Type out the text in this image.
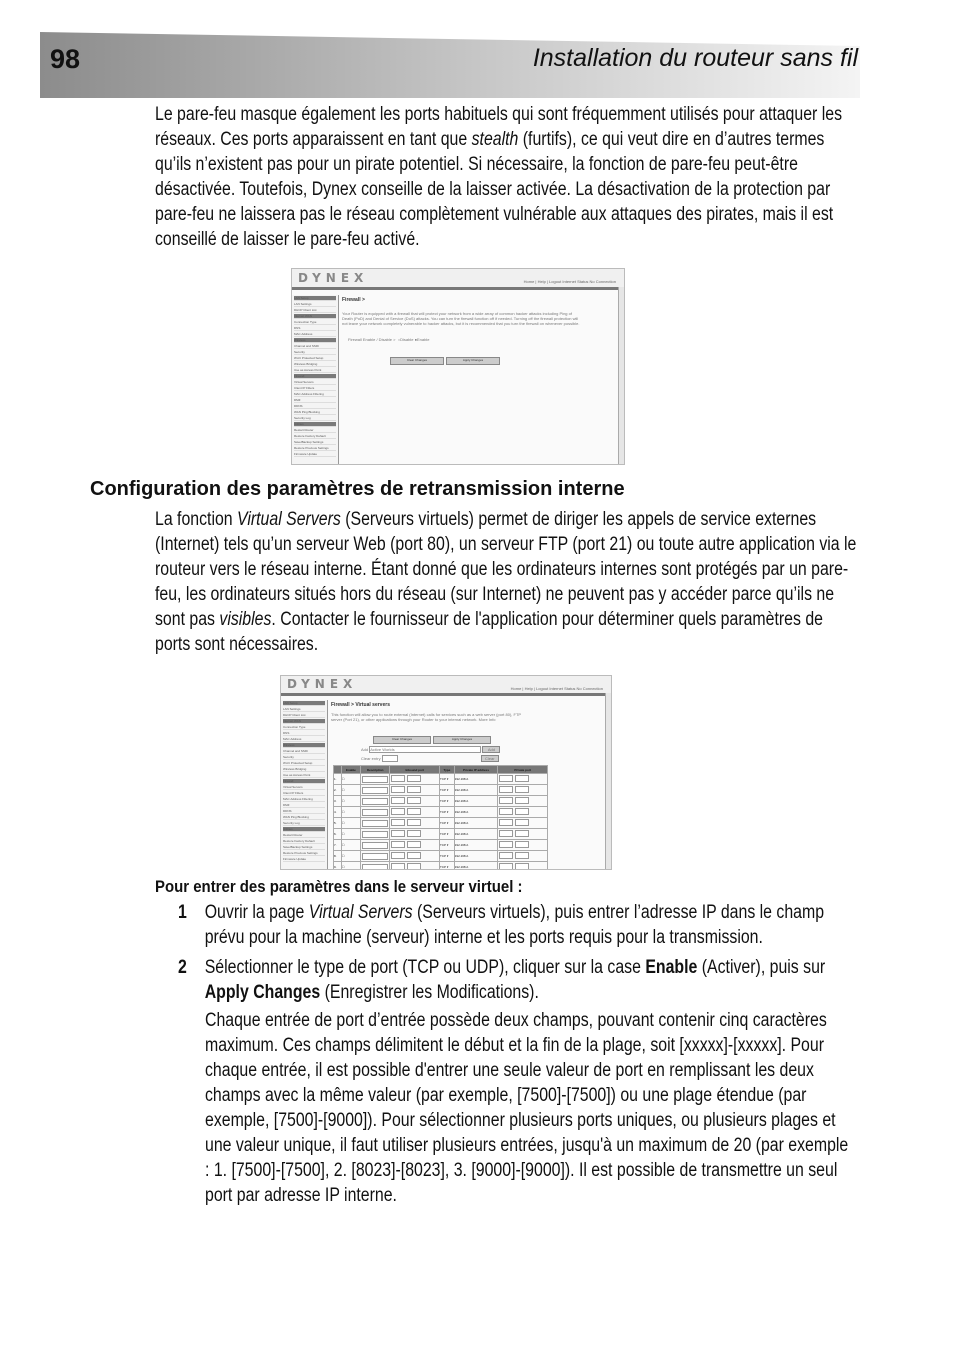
98	Installation du routeur sans fil
Le pare-feu masque également les ports habituels qui sont fréquemment utilisés pour attaquer les réseaux. Ces ports apparaissent en tant que stealth (furtifs), ce qui veut dire en d’autres termes qu’ils n’existent pas pour un pirate potentiel. Si nécessaire, la fonction de pare-feu peut-être désactivée. Toutefois, Dynex conseille de la laisser activée. La désactivation de la protection par pare-feu ne laissera pas le réseau complètement vulnérable aux attaques des pirates, mais il est conseillé de laisser le pare-feu activé.
DYNEX	Home | Help | Logout Internet Status No Connection
LAN Setup
LAN Settings
DHCP Client List
Internet WAN
Connection Type
DNS
MAC Address
Wireless
Channel and SSID
Security
Wi-Fi Protected Setup
Wireless Bridging
Use as Access Point
Firewall
Virtual Servers
Client IP Filters
MAC Address Filtering
DMZ
DDNS
WAN Ping Blocking
Security Log
Utilities
Restart Router
Restore Factory Default
Save/Backup Settings
Restore Previous Settings
Firmware Update
Firewall >
Your Router is equipped with a firewall that will protect your network from a wide array of common hacker attacks including Ping of Death (PoD) and Denial of Service (DoS) attacks. You can turn the firewall function off if needed. Turning off the firewall protection will not leave your network completely vulnerable to hacker attacks, but it is recommended that you turn the firewall on whenever possible.
Firewall Enable / Disable > ○Disable ●Enable
Clear Changes	Apply Changes
Configuration des paramètres de retransmission interne
La fonction Virtual Servers (Serveurs virtuels) permet de diriger les appels de service externes (Internet) tels qu’un serveur Web (port 80), un serveur FTP (port 21) ou toute autre application via le routeur vers le réseau interne. Étant donné que les ordinateurs internes sont protégés par un pare-feu, les ordinateurs situés hors du réseau (sur Internet) ne peuvent pas y accéder parce qu’ils ne sont pas visibles. Contacter le fournisseur de l'application pour déterminer quels paramètres de ports sont nécessaires.
DYNEX	Home | Help | Logout Internet Status No Connection
LAN Setup
LAN Settings
DHCP Client List
Internet WAN
Connection Type
DNS
MAC Address
Wireless
Channel and SSID
Security
Wi-Fi Protected Setup
Wireless Bridging
Use as Access Point
Firewall
Virtual Servers
Client IP Filters
MAC Address Filtering
DMZ
DDNS
WAN Ping Blocking
Security Log
Utilities
Restart Router
Restore Factory Default
Save/Backup Settings
Restore Previous Settings
Firmware Update
Firewall > Virtual servers
This function will allow you to route external (Internet) calls for services such as a web server (port 80), FTP server (Port 21), or other applications through your Router to your internal network. More Info
Clear Changes	Apply Changes
Add Active Worlds	Add
Clear entry	Clear
	Enable	Description	Inbound port	Type	Private IP address	Private port
1.	☐			TCP ▾	192.168.2.	
2.	☐			TCP ▾	192.168.2.	
3.	☐			TCP ▾	192.168.2.	
4.	☐			TCP ▾	192.168.2.	
5.	☐			TCP ▾	192.168.2.	
6.	☐			TCP ▾	192.168.2.	
7.	☐			TCP ▾	192.168.2.	
8.	☐			TCP ▾	192.168.2.	
9.	☐			TCP ▾	192.168.2.	

Pour entrer des paramètres dans le serveur virtuel :
1 Ouvrir la page Virtual Servers (Serveurs virtuels), puis entrer l’adresse IP dans le champ prévu pour la machine (serveur) interne et les ports requis pour la transmission.
2 Sélectionner le type de port (TCP ou UDP), cliquer sur la case Enable (Activer), puis sur Apply Changes (Enregistrer les Modifications).
Chaque entrée de port d’entrée possède deux champs, pouvant contenir cinq caractères maximum. Ces champs délimitent le début et la fin de la plage, soit [xxxxx]-[xxxxx]. Pour chaque entrée, il est possible d'entrer une seule valeur de port en remplissant les deux champs avec la même valeur (par exemple, [7500]-[7500]) ou une plage étendue (par exemple, [7500]-[9000]). Pour sélectionner plusieurs ports uniques, ou plusieurs plages et une valeur unique, il faut utiliser plusieurs entrées, jusqu'à un maximum de 20 (par exemple : 1. [7500]-[7500], 2. [8023]-[8023], 3. [9000]-[9000]). Il est possible de transmettre un seul port par adresse IP interne.
